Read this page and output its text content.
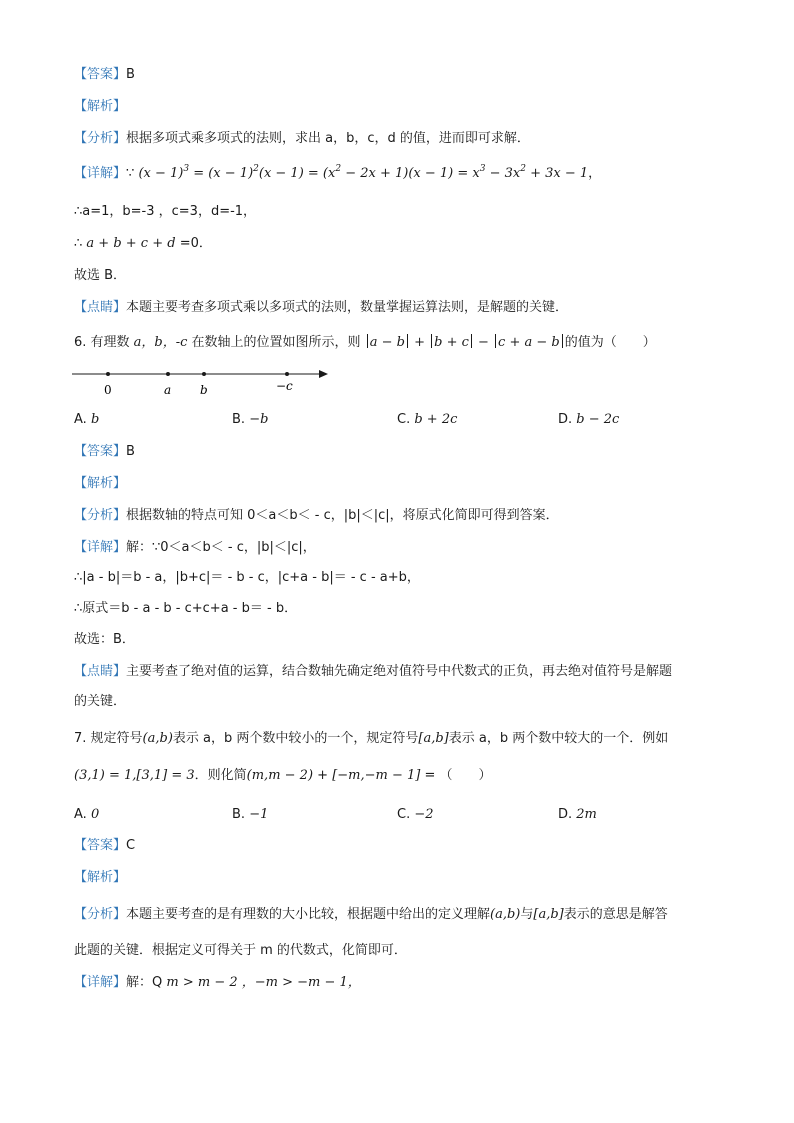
【答案】B
【解析】
【分析】根据多项式乘多项式的法则，求出 a，b，c，d 的值，进而即可求解．
【详解】∵ $(x - 1)^3 = (x - 1)^2(x - 1) = (x^2 - 2x + 1)(x - 1) = x^3 - 3x^2 + 3x - 1$，
∴a=1，b=-3 ，c=3，d=-1，
∴ a + b + c + d =0．
故选 B．
【点睛】本题主要考查多项式乘以多项式的法则，数量掌握运算法则，是解题的关键．
6. 有理数 a，b，-c 在数轴上的位置如图所示，则 a − b + b + c − c + a − b 的值为（　　）
0	a b	−c
A. b	B. −b	C. b + 2c	D. b − 2c
【答案】B
【解析】
【分析】根据数轴的特点可知 0＜a＜b＜ - c，|b|＜|c|，将原式化简即可得到答案．
【详解】解：∵0＜a＜b＜ - c，|b|＜|c|，
∴|a - b|＝b - a，|b+c|＝ - b - c，|c+a - b|＝ - c - a+b，
∴原式＝b - a - b - c+c+a - b＝ - b．
故选：B．
【点睛】主要考查了绝对值的运算，结合数轴先确定绝对值符号中代数式的正负，再去绝对值符号是解题
的关键．
7. 规定符号(a,b)表示 a，b 两个数中较小的一个，规定符号[a,b]表示 a，b 两个数中较大的一个．例如
(3,1) = 1,[3,1] = 3．则化简(m,m − 2) + [−m,−m − 1] = （　　）
A. 0	B. −1	C. −2	D. 2m
【答案】C
【解析】
【分析】本题主要考查的是有理数的大小比较，根据题中给出的定义理解(a,b)与[a,b]表示的意思是解答
此题的关键．根据定义可得关于 m 的代数式，化简即可．
【详解】解：Q m > m − 2 ，−m > −m − 1，
